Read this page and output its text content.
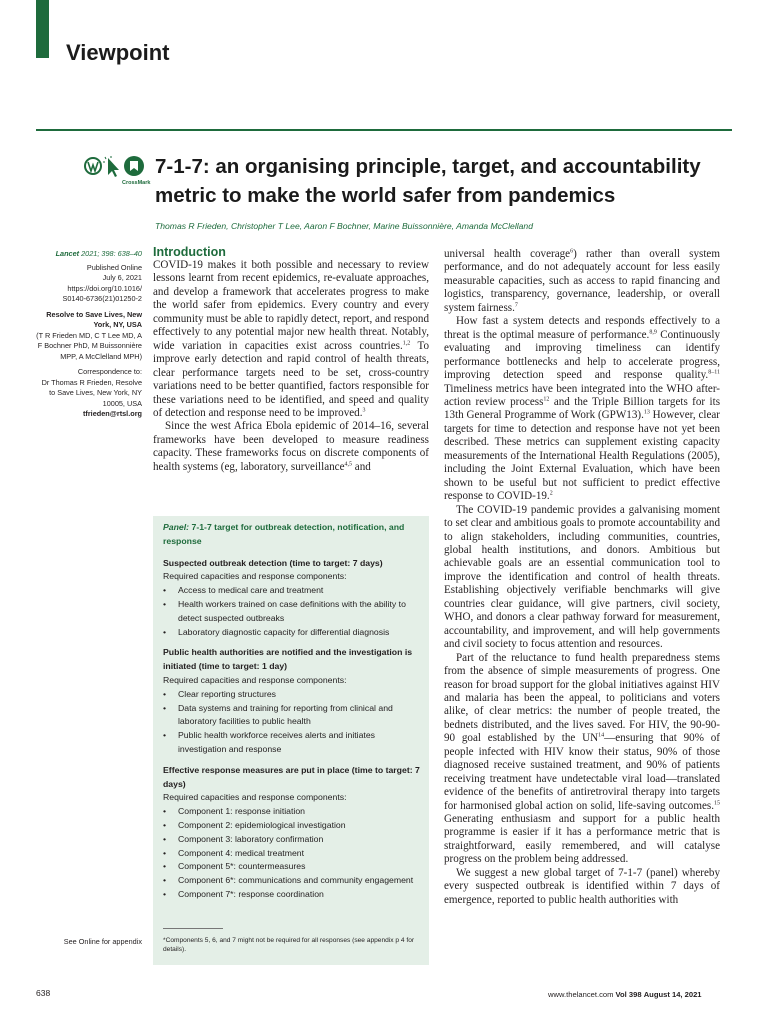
Viewpoint
CrossMark
7-1-7: an organising principle, target, and accountability metric to make the world safer from pandemics
Thomas R Frieden, Christopher T Lee, Aaron F Bochner, Marine Buissonnière, Amanda McClelland
Lancet 2021; 398: 638–40
Published Online
July 6, 2021
https://doi.org/10.1016/
S0140-6736(21)01250-2
Resolve to Save Lives, New York, NY, USA
(T R Frieden MD, C T Lee MD, A F Bochner PhD, M Buissonnière MPP, A McClelland MPH)
Correspondence to:
Dr Thomas R Frieden, Resolve to Save Lives, New York, NY 10005, USA
tfrieden@rtsl.org
See Online for appendix
Introduction

COVID-19 makes it both possible and necessary to review lessons learnt from recent epidemics, re-evaluate approaches, and develop a framework that accelerates progress to make the world safer from epidemics. Every country and every community must be able to rapidly detect, report, and respond effectively to any potential major new health threat. Notably, wide variation in capacities exist across countries.$^{1,2}$ To improve early detection and rapid control of health threats, clear performance targets need to be set, cross-country variations need to be better quantified, factors responsible for these variations need to be identified, and speed and quality of detection and response need to be improved.$^3$

Since the west Africa Ebola epidemic of 2014–16, several frameworks have been developed to measure readiness capacity. These frameworks focus on discrete components of health systems (eg, laboratory, surveillance$^{4,5}$ and

Panel: 7-1-7 target for outbreak detection, notification, and response

Suspected outbreak detection (time to target: 7 days)

Required capacities and response components:

• Access to medical care and treatment
• Health workers trained on case definitions with the ability to detect suspected outbreaks
• Laboratory diagnostic capacity for differential diagnosis

Public health authorities are notified and the investigation is initiated (time to target: 1 day)

Required capacities and response components:

• Clear reporting structures
• Data systems and training for reporting from clinical and laboratory facilities to public health
• Public health workforce receives alerts and initiates investigation and response

Effective response measures are put in place (time to target: 7 days)

Required capacities and response components:

• Component 1: response initiation
• Component 2: epidemiological investigation
• Component 3: laboratory confirmation
• Component 4: medical treatment
• Component 5*: countermeasures
• Component 6*: communications and community engagement
• Component 7*: response coordination
*Components 5, 6, and 7 might not be required for all responses (see appendix p 4 for details).

universal health coverage$^6$) rather than overall system performance, and do not adequately account for less easily measurable capacities, such as access to rapid financing and logistics, transparency, governance, leadership, or overall system fairness.$^7$

How fast a system detects and responds effectively to a threat is the optimal measure of performance.$^{8,9}$ Continuously evaluating and improving timeliness can identify performance bottlenecks and help to accelerate progress, improving detection speed and response quality.$^{8-11}$ Timeliness metrics have been integrated into the WHO after-action review process$^{12}$ and the Triple Billion targets for its 13th General Programme of Work (GPW13).$^{13}$ However, clear targets for time to detection and response have not yet been described. These metrics can supplement existing capacity measurements of the International Health Regulations (2005), including the Joint External Evaluation, which have been shown to be useful but not sufficient to predict effective response to COVID-19.$^2$

The COVID-19 pandemic provides a galvanising moment to set clear and ambitious goals to promote accountability and to align stakeholders, including communities, countries, global health institutions, and donors. Ambitious but achievable goals are an essential communication tool to improve the identification and control of health threats. Establishing objectively verifiable benchmarks will give countries clear guidance, will give partners, civil society, WHO, and donors a clear pathway forward for measurement, accountability, and improvement, and will help governments and civil society to focus attention and resources.

Part of the reluctance to fund health preparedness stems from the absence of simple measurements of progress. One reason for broad support for the global initiatives against HIV and malaria has been the appeal, to politicians and voters alike, of clear metrics: the number of people treated, the bednets distributed, and the lives saved. For HIV, the 90-90-90 goal established by the UN$^{14}$—ensuring that 90% of people infected with HIV know their status, 90% of those diagnosed receive sustained treatment, and 90% of patients receiving treatment have undetectable viral load—translated evidence of the benefits of antiretroviral therapy into targets for harmonised global action on solid, life-saving outcomes.$^{15}$ Generating enthusiasm and support for a public health programme is easier if it has a performance metric that is straightforward, easily remembered, and will catalyse progress on the problem being addressed.

We suggest a new global target of 7-1-7 (panel) whereby every suspected outbreak is identified within 7 days of emergence, reported to public health authorities with

638	www.thelancet.com Vol 398 August 14, 2021
